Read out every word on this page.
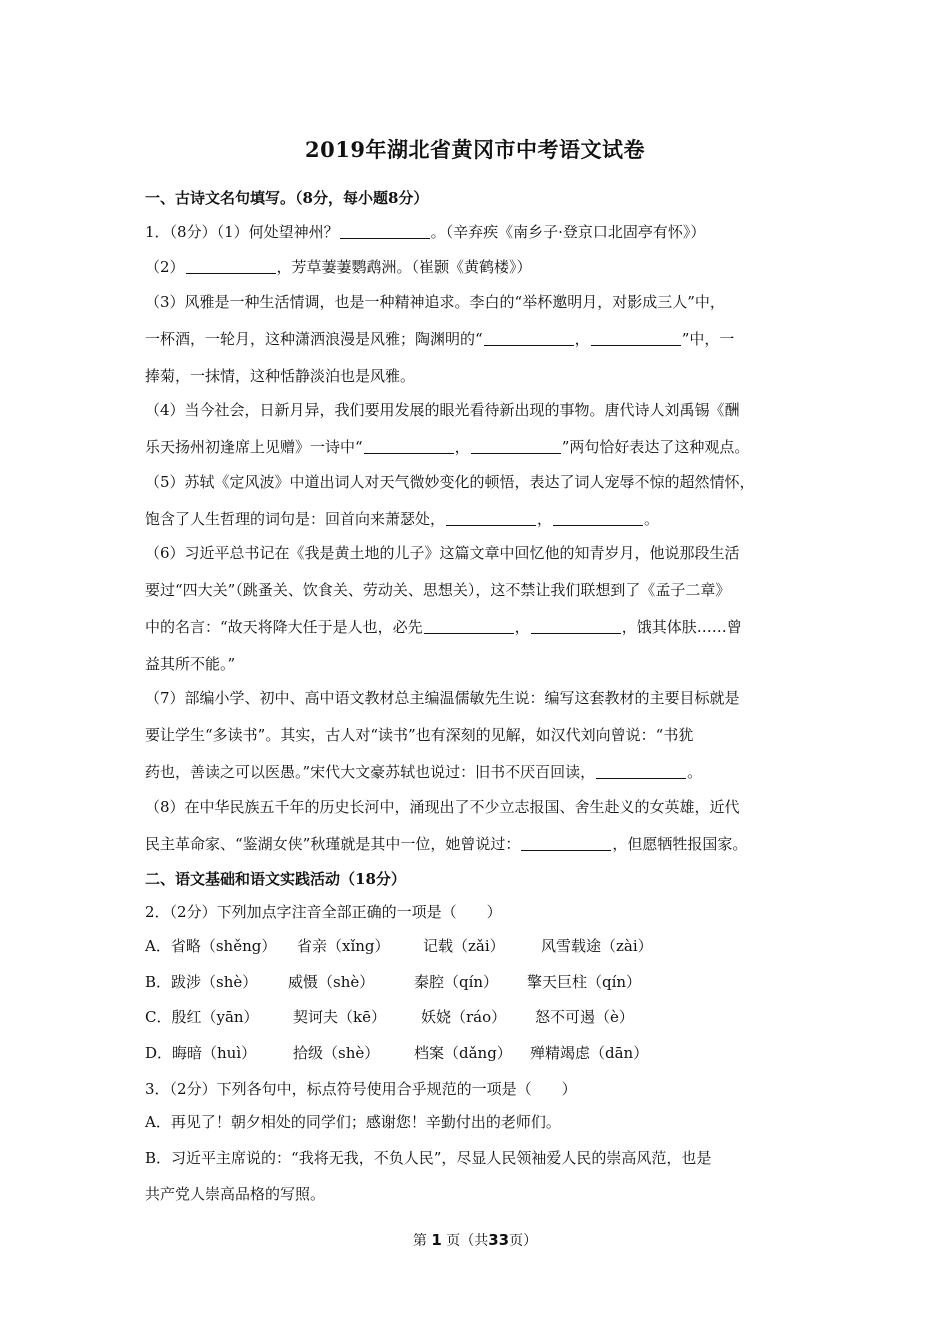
2019年湖北省黄冈市中考语文试卷
一、古诗文名句填写。（8分，每小题8分）
1．（8分）（1）何处望神州？	。（辛弃疾《南乡子·登京口北固亭有怀》）
（2）	，芳草萋萋鹦鹉洲。（崔颢《黄鹤楼》）
（3）风雅是一种生活情调，也是一种精神追求。李白的“举杯邀明月，对影成三人”中，
一杯酒，一轮月，这种潇洒浪漫是风雅；陶渊明的“	，	”中，一
捧菊，一抹情，这种恬静淡泊也是风雅。
（4）当今社会，日新月异，我们要用发展的眼光看待新出现的事物。唐代诗人刘禹锡《酬
乐天扬州初逢席上见赠》一诗中“	，	”两句恰好表达了这种观点。
（5）苏轼《定风波》中道出词人对天气微妙变化的顿悟，表达了词人宠辱不惊的超然情怀，
饱含了人生哲理的词句是：回首向来萧瑟处，	，	。
（6）习近平总书记在《我是黄土地的儿子》这篇文章中回忆他的知青岁月，他说那段生活
要过“四大关”（跳蚤关、饮食关、劳动关、思想关），这不禁让我们联想到了《孟子二章》
中的名言：“故天将降大任于是人也，必先	，	，饿其体肤……曾
益其所不能。”
（7）部编小学、初中、高中语文教材总主编温儒敏先生说：编写这套教材的主要目标就是
要让学生“多读书”。其实，古人对“读书”也有深刻的见解，如汉代刘向曾说：“书犹
药也，善读之可以医愚。”宋代大文豪苏轼也说过：旧书不厌百回读，	。
（8）在中华民族五千年的历史长河中，涌现出了不少立志报国、舍生赴义的女英雄，近代
民主革命家、“鉴湖女侠”秋瑾就是其中一位，她曾说过：	，但愿牺牲报国家。
二、语文基础和语文实践活动（18分）
2．（2分）下列加点字注音全部正确的一项是（　　）
A．省略（shěng） 省亲（xǐng） 记载（zǎi） 风雪载途（zài）
B．跋涉（shè） 威慑（shè）	秦腔（qín） 擎天巨柱（qín）
C．殷红（yān） 契诃夫（kē） 妖娆（ráo） 怒不可遏（è）
D．晦暗（huì） 拾级（shè） 档案（dǎng） 殚精竭虑（dān）
3．（2分）下列各句中，标点符号使用合乎规范的一项是（　　）
A．再见了！朝夕相处的同学们；感谢您！辛勤付出的老师们。
B．习近平主席说的：“我将无我，不负人民”，尽显人民领袖爱人民的崇高风范，也是
共产党人崇高品格的写照。
第 1 页（共33页）
